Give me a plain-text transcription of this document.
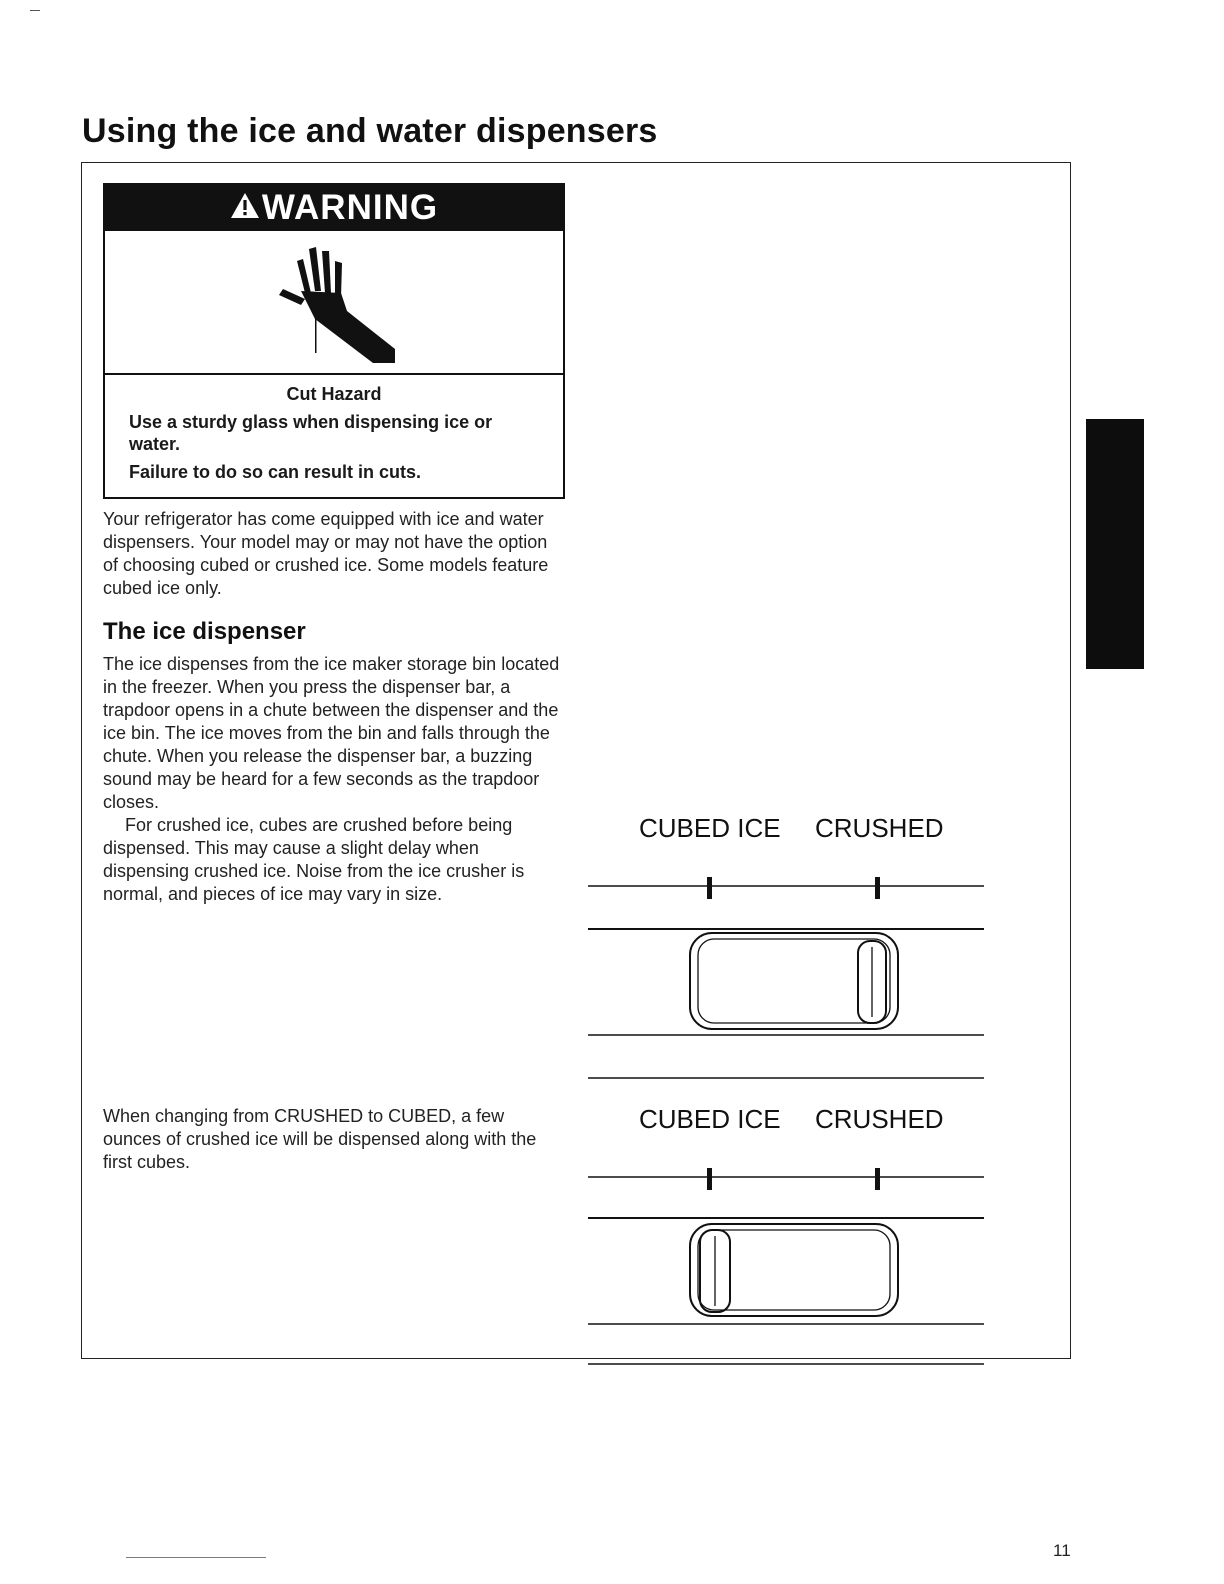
Using the ice and water dispensers
WARNING
Cut Hazard
Use a sturdy glass when dispensing ice or water.
Failure to do so can result in cuts.

Your refrigerator has come equipped with ice and water dispensers. Your model may or may not have the option of choosing cubed or crushed ice. Some models feature cubed ice only.

The ice dispenser

The ice dispenses from the ice maker storage bin located in the freezer. When you press the dispenser bar, a trapdoor opens in a chute between the dispenser and the ice bin. The ice moves from the bin and falls through the chute. When you release the dispenser bar, a buzzing sound may be heard for a few seconds as the trapdoor closes.

For crushed ice, cubes are crushed before being dispensed. This may cause a slight delay when dispensing crushed ice. Noise from the ice crusher is normal, and pieces of ice may vary in size.

When changing from CRUSHED to CUBED, a few ounces of crushed ice will be dispensed along with the first cubes.

CUBED ICE CRUSHED
CUBED ICE CRUSHED
11
